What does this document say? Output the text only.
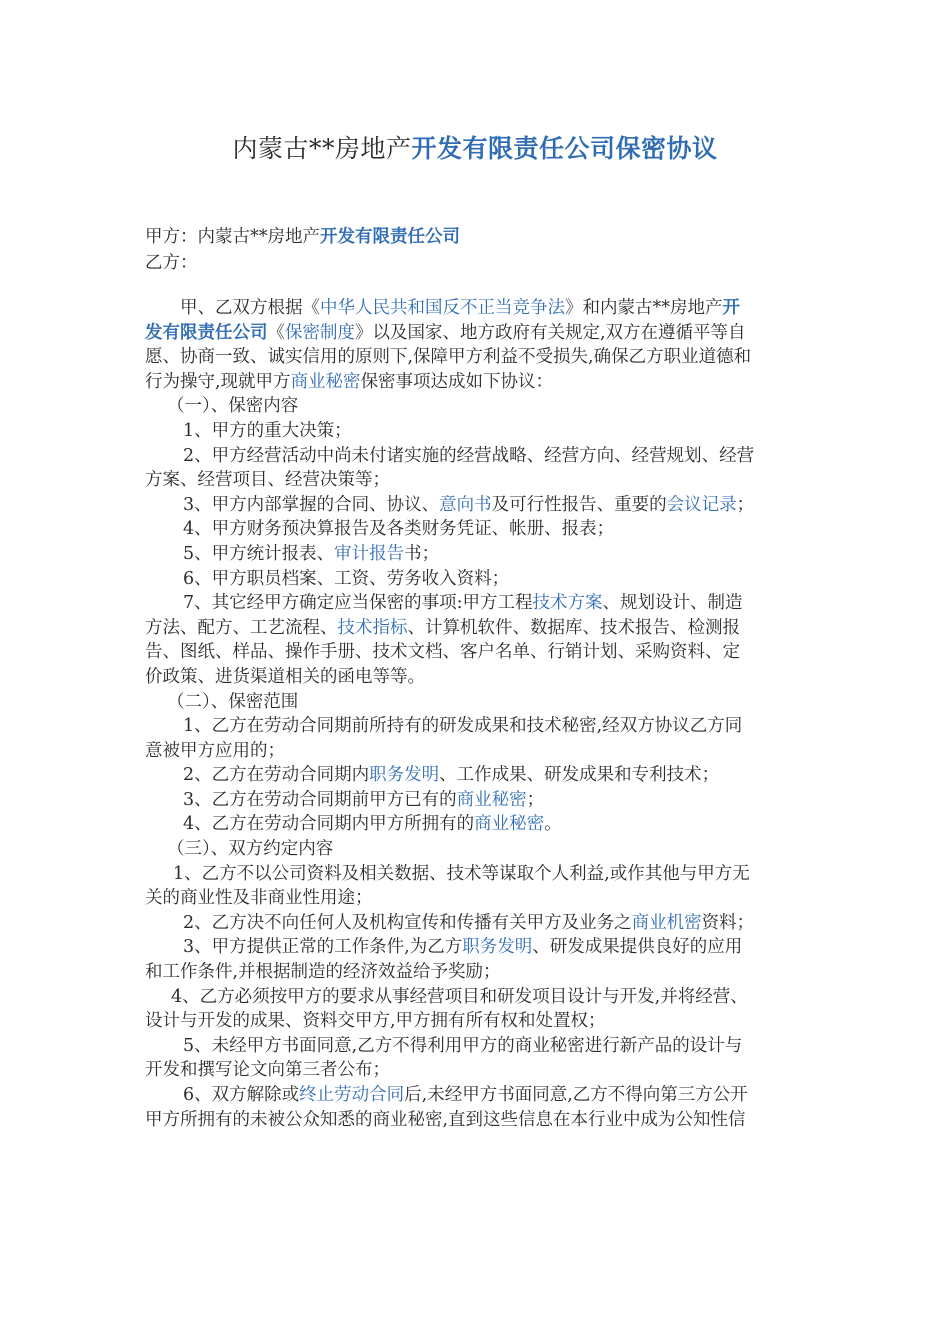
内蒙古**房地产开发有限责任公司保密协议
甲方：内蒙古**房地产开发有限责任公司
乙方：

甲、乙双方根据《中华人民共和国反不正当竞争法》和内蒙古**房地产开

发有限责任公司《保密制度》以及国家、地方政府有关规定,双方在遵循平等自

愿、协商一致、诚实信用的原则下,保障甲方利益不受损失,确保乙方职业道德和

行为操守,现就甲方商业秘密保密事项达成如下协议：

（一）、保密内容

1、甲方的重大决策；

2、甲方经营活动中尚未付诸实施的经营战略、经营方向、经营规划、经营

方案、经营项目、经营决策等；

3、甲方内部掌握的合同、协议、意向书及可行性报告、重要的会议记录；

4、甲方财务预决算报告及各类财务凭证、帐册、报表；

5、甲方统计报表、审计报告书；

6、甲方职员档案、工资、劳务收入资料；

7、其它经甲方确定应当保密的事项:甲方工程技术方案、规划设计、制造

方法、配方、工艺流程、技术指标、计算机软件、数据库、技术报告、检测报

告、图纸、样品、操作手册、技术文档、客户名单、行销计划、采购资料、定

价政策、进货渠道相关的函电等等。

（二）、保密范围

1、乙方在劳动合同期前所持有的研发成果和技术秘密,经双方协议乙方同

意被甲方应用的；

2、乙方在劳动合同期内职务发明、工作成果、研发成果和专利技术；

3、乙方在劳动合同期前甲方已有的商业秘密；

4、乙方在劳动合同期内甲方所拥有的商业秘密。

（三）、双方约定内容

1、乙方不以公司资料及相关数据、技术等谋取个人利益,或作其他与甲方无

关的商业性及非商业性用途；

2、乙方决不向任何人及机构宣传和传播有关甲方及业务之商业机密资料；

3、甲方提供正常的工作条件,为乙方职务发明、研发成果提供良好的应用

和工作条件,并根据制造的经济效益给予奖励；

4、乙方必须按甲方的要求从事经营项目和研发项目设计与开发,并将经营、

设计与开发的成果、资料交甲方,甲方拥有所有权和处置权；

5、未经甲方书面同意,乙方不得利用甲方的商业秘密进行新产品的设计与

开发和撰写论文向第三者公布；

6、双方解除或终止劳动合同后,未经甲方书面同意,乙方不得向第三方公开

甲方所拥有的未被公众知悉的商业秘密,直到这些信息在本行业中成为公知性信
